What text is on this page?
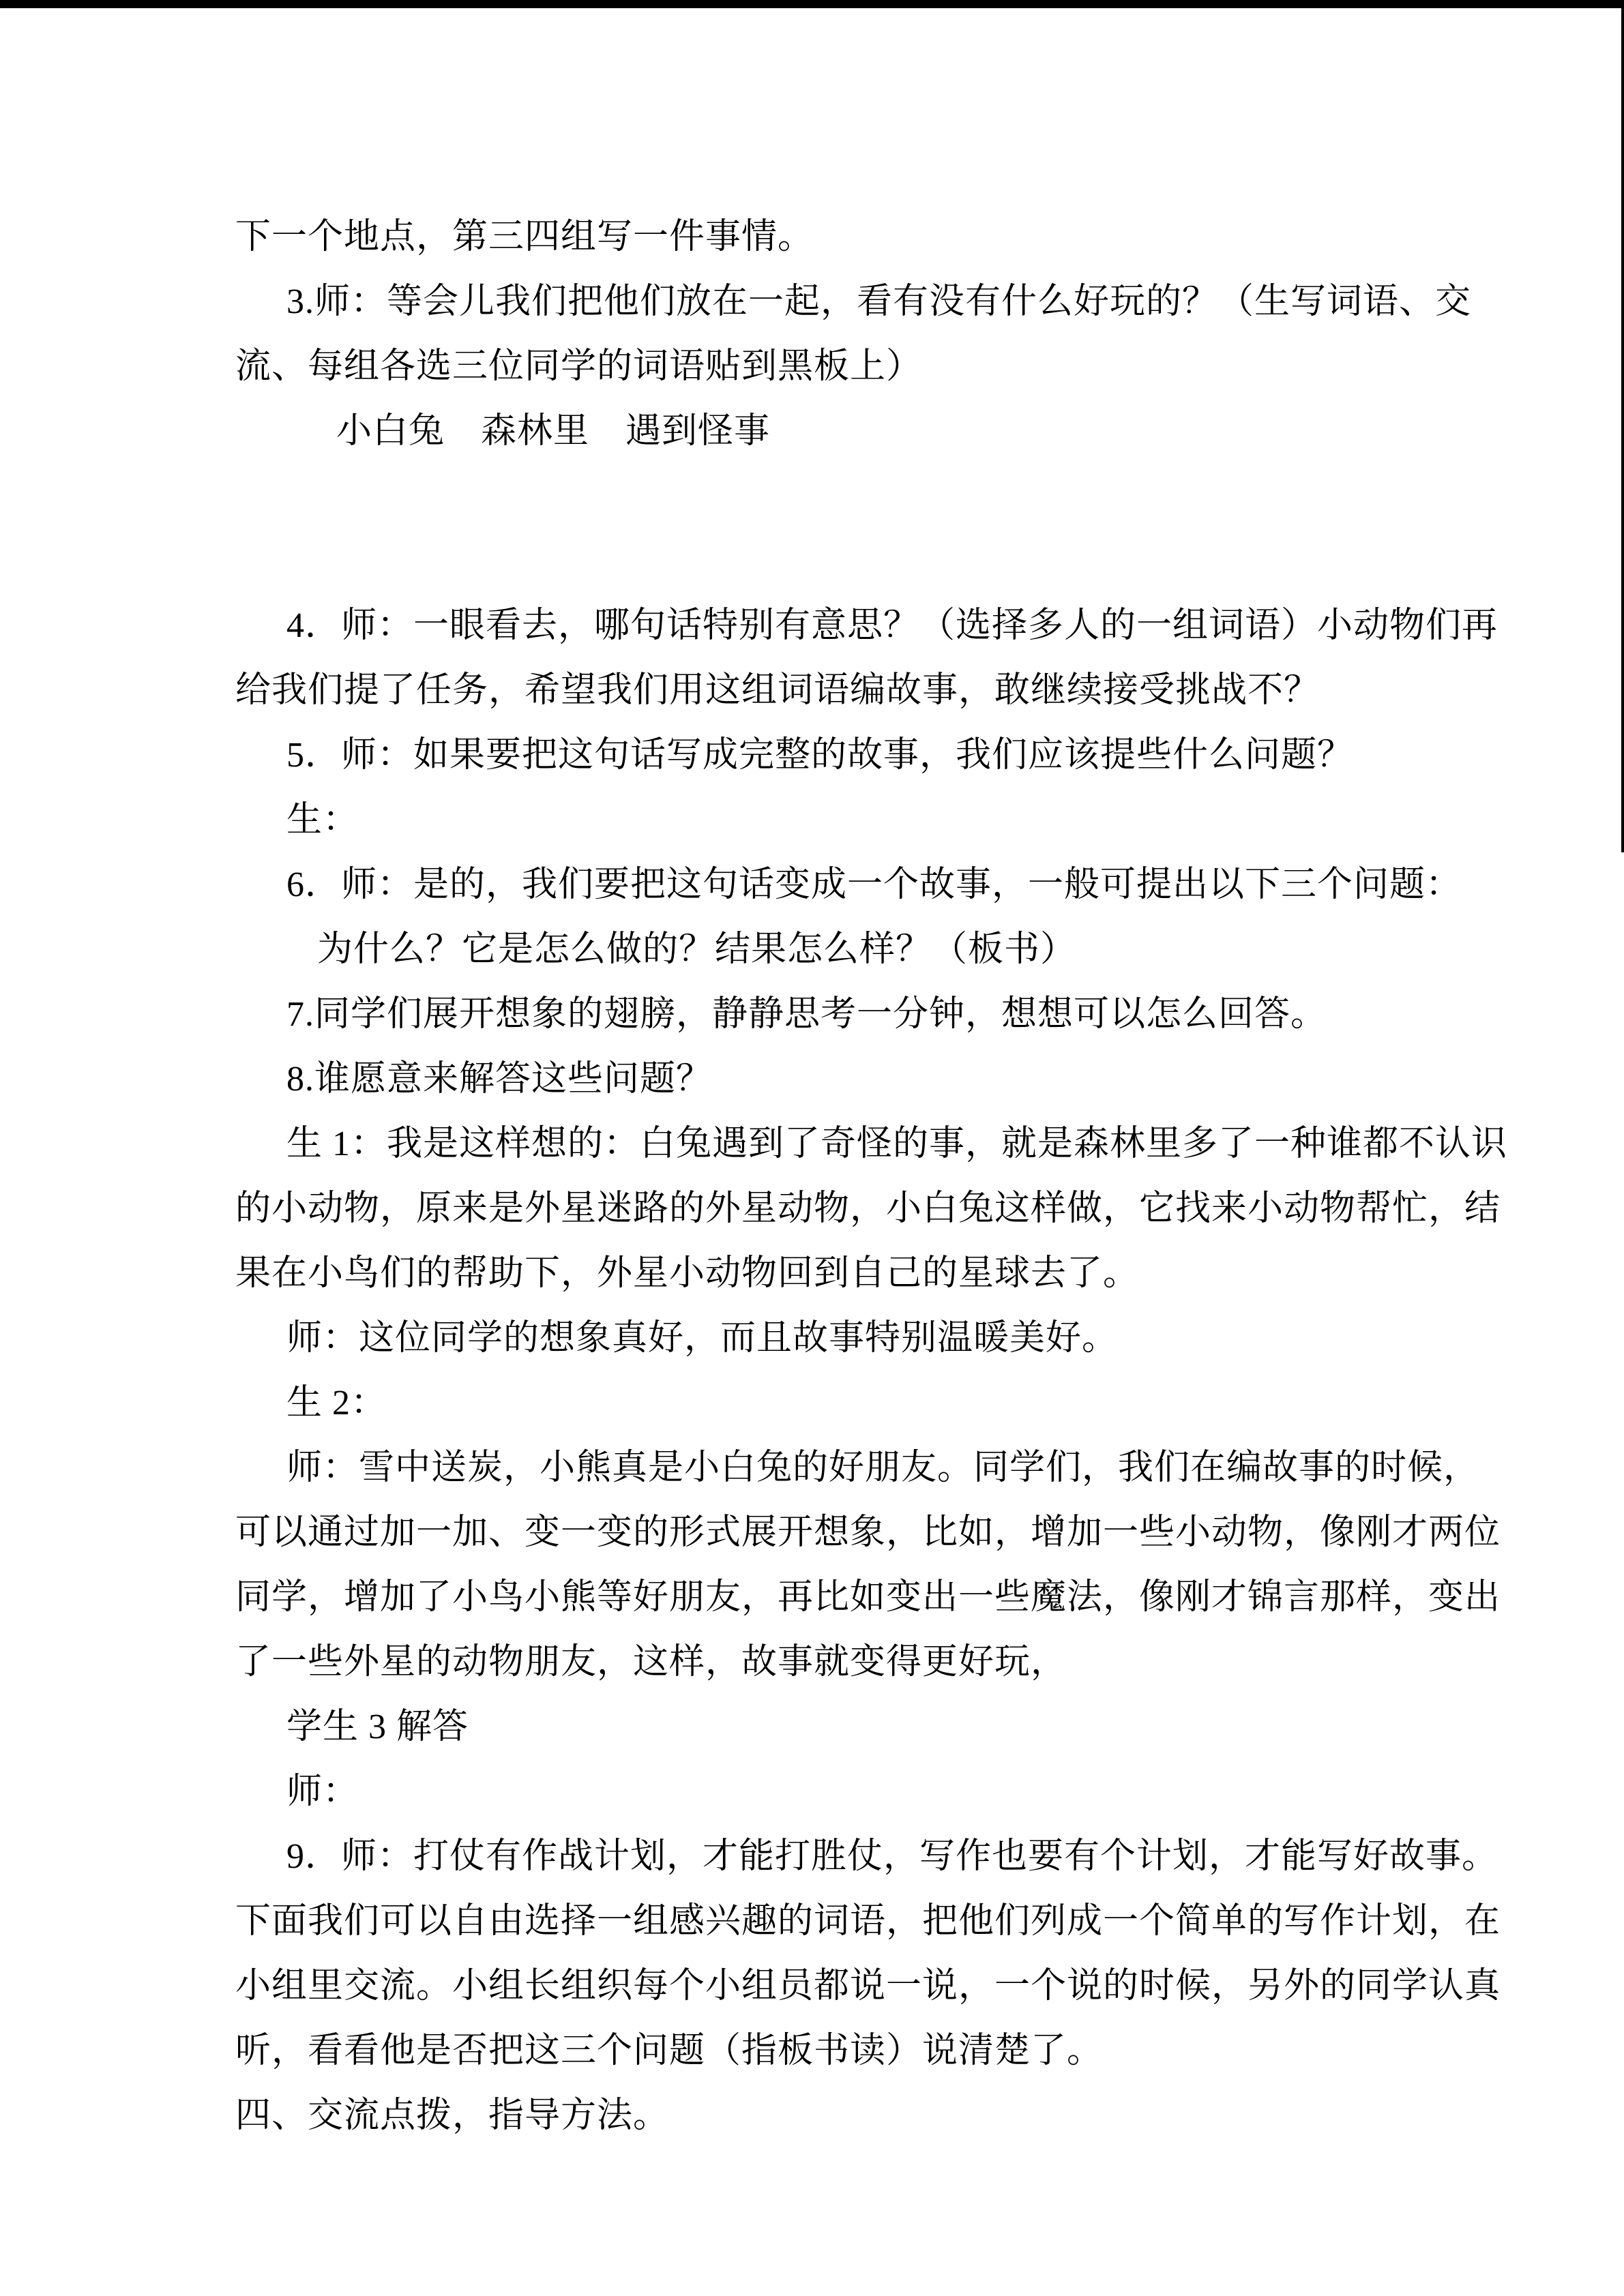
下一个地点，第三四组写一件事情。
3.师：等会儿我们把他们放在一起，看有没有什么好玩的？（生写词语、交
流、每组各选三位同学的词语贴到黑板上）
小白兔　森林里　遇到怪事
4．师：一眼看去，哪句话特别有意思？（选择多人的一组词语）小动物们再
给我们提了任务，希望我们用这组词语编故事，敢继续接受挑战不？
5．师：如果要把这句话写成完整的故事，我们应该提些什么问题？
生：
6．师：是的，我们要把这句话变成一个故事，一般可提出以下三个问题：
为什么？它是怎么做的？结果怎么样？（板书）
7.同学们展开想象的翅膀，静静思考一分钟，想想可以怎么回答。
8.谁愿意来解答这些问题？
生 1：我是这样想的：白兔遇到了奇怪的事，就是森林里多了一种谁都不认识
的小动物，原来是外星迷路的外星动物，小白兔这样做，它找来小动物帮忙，结
果在小鸟们的帮助下，外星小动物回到自己的星球去了。
师：这位同学的想象真好，而且故事特别温暖美好。
生 2：
师：雪中送炭，小熊真是小白兔的好朋友。同学们，我们在编故事的时候，
可以通过加一加、变一变的形式展开想象，比如，增加一些小动物，像刚才两位
同学，增加了小鸟小熊等好朋友，再比如变出一些魔法，像刚才锦言那样，变出
了一些外星的动物朋友，这样，故事就变得更好玩，
学生 3 解答
师：
9．师：打仗有作战计划，才能打胜仗，写作也要有个计划，才能写好故事。
下面我们可以自由选择一组感兴趣的词语，把他们列成一个简单的写作计划，在
小组里交流。小组长组织每个小组员都说一说，一个说的时候，另外的同学认真
听，看看他是否把这三个问题（指板书读）说清楚了。
四、交流点拨，指导方法。
